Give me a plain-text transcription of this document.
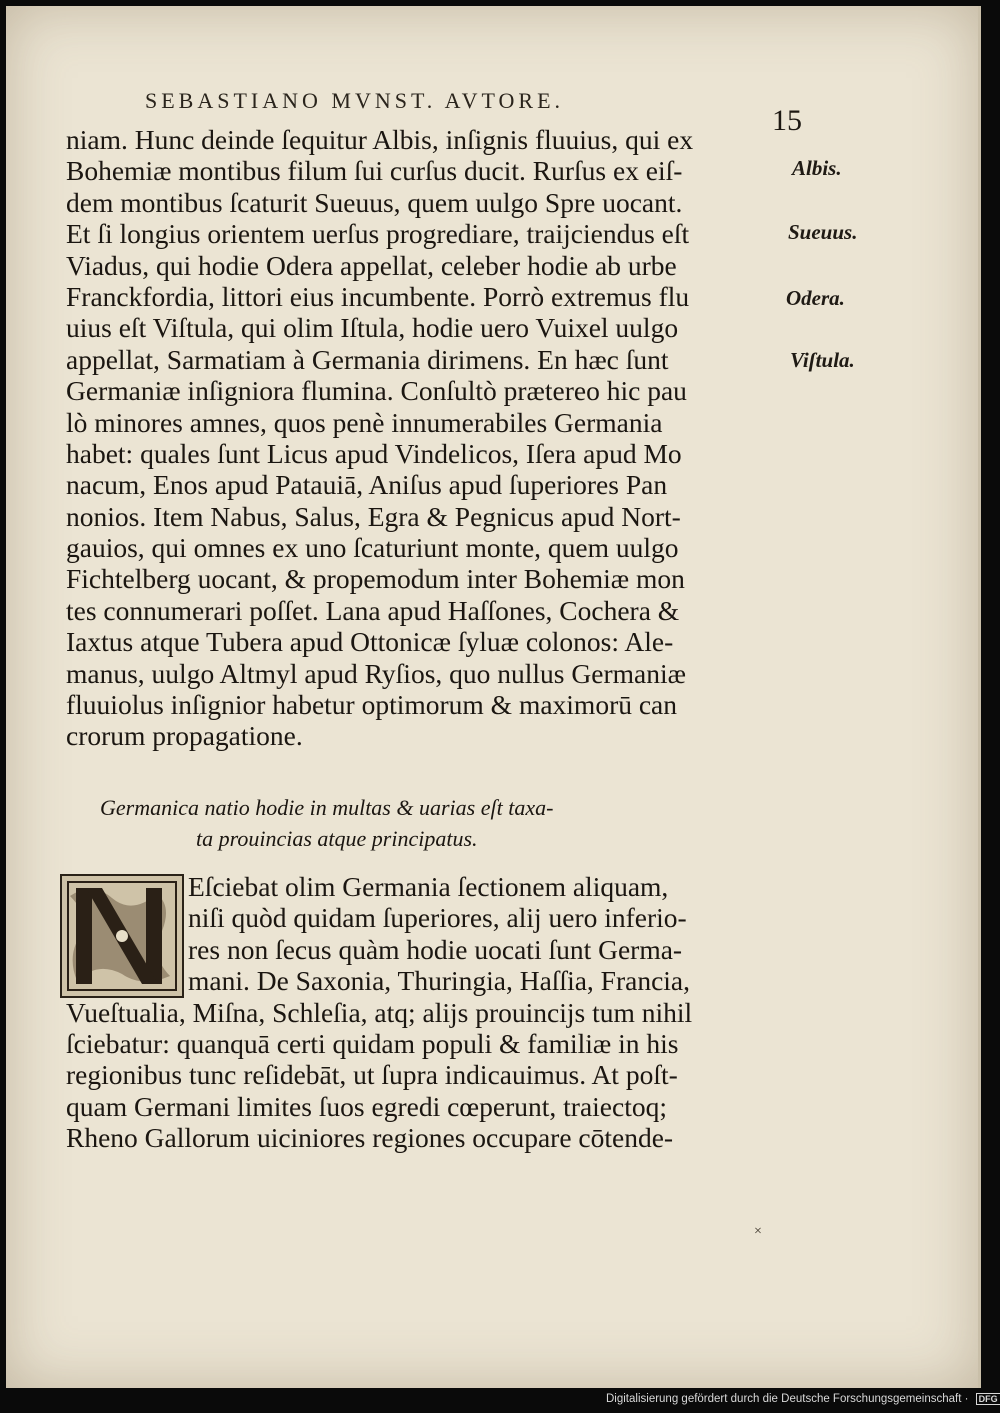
SEBASTIANO MVNST. AVTORE.
15
niam. Hunc deinde ſequitur Albis, inſignis fluuius, qui ex
Bohemiæ montibus filum ſui curſus ducit. Rurſus ex eiſ-
dem montibus ſcaturit Sueuus, quem uulgo Spre uocant.
Et ſi longius orientem uerſus progrediare, traijciendus eſt
Viadus, qui hodie Odera appellat, celeber hodie ab urbe
Franckfordia, littori eius incumbente. Porrò extremus flu
uius eſt Viſtula, qui olim Iſtula, hodie uero Vuixel uulgo
appellat, Sarmatiam à Germania dirimens. En hæc ſunt
Germaniæ inſigniora flumina. Conſultò prætereo hic pau
lò minores amnes, quos penè innumerabiles Germania
habet: quales ſunt Licus apud Vindelicos, Iſera apud Mo
nacum, Enos apud Patauiā, Aniſus apud ſuperiores Pan
nonios. Item Nabus, Salus, Egra & Pegnicus apud Nort-
gauios, qui omnes ex uno ſcaturiunt monte, quem uulgo
Fichtelberg uocant, & propemodum inter Bohemiæ mon
tes connumerari poſſet. Lana apud Haſſones, Cochera &
Iaxtus atque Tubera apud Ottonicæ ſyluæ colonos: Ale-
manus, uulgo Altmyl apud Ryſios, quo nullus Germaniæ
fluuiolus inſignior habetur optimorum & maximorū can
crorum propagatione.
Albis.
Sueuus.
Odera.
Viſtula.
Germanica natio hodie in multas & uarias eſt taxa-
ta prouincias atque principatus.
Eſciebat olim Germania ſectionem aliquam,
niſi quòd quidam ſuperiores, alij uero inferio-
res non ſecus quàm hodie uocati ſunt Germa-
mani. De Saxonia, Thuringia, Haſſia, Francia,
Vueſtualia, Miſna, Schleſia, atq; alijs prouincijs tum nihil
ſciebatur: quanquā certi quidam populi & familiæ in his
regionibus tunc reſidebāt, ut ſupra indicauimus. At poſt-
quam Germani limites ſuos egredi cœperunt, traiectoq;
Rheno Gallorum uiciniores regiones occupare cōtende-
×
Digitalisierung gefördert durch die Deutsche Forschungsgemeinschaft · DFG
